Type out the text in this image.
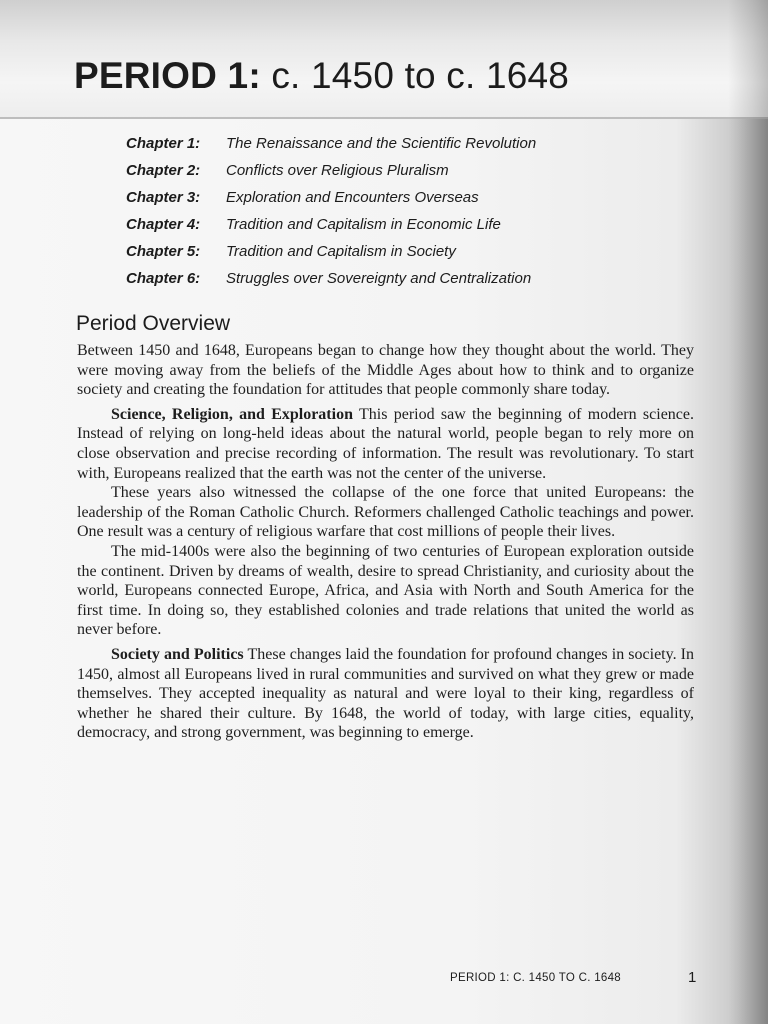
PERIOD 1: c. 1450 to c. 1648
Chapter 1: The Renaissance and the Scientific Revolution
Chapter 2: Conflicts over Religious Pluralism
Chapter 3: Exploration and Encounters Overseas
Chapter 4: Tradition and Capitalism in Economic Life
Chapter 5: Tradition and Capitalism in Society
Chapter 6: Struggles over Sovereignty and Centralization
Period Overview

Between 1450 and 1648, Europeans began to change how they thought about the world. They were moving away from the beliefs of the Middle Ages about how to think and to organize society and creating the foundation for attitudes that people commonly share today.

Science, Religion, and Exploration This period saw the beginning of modern science. Instead of relying on long-held ideas about the natural world, people began to rely more on close observation and precise recording of information. The result was revolutionary. To start with, Europeans realized that the earth was not the center of the universe.

These years also witnessed the collapse of the one force that united Europeans: the leadership of the Roman Catholic Church. Reformers challenged Catholic teachings and power. One result was a century of religious warfare that cost millions of people their lives.

The mid-1400s were also the beginning of two centuries of European exploration outside the continent. Driven by dreams of wealth, desire to spread Christianity, and curiosity about the world, Europeans connected Europe, Africa, and Asia with North and South America for the first time. In doing so, they established colonies and trade relations that united the world as never before.

Society and Politics These changes laid the foundation for profound changes in society. In 1450, almost all Europeans lived in rural communities and survived on what they grew or made themselves. They accepted inequality as natural and were loyal to their king, regardless of whether he shared their culture. By 1648, the world of today, with large cities, equality, democracy, and strong government, was beginning to emerge.

PERIOD 1: C. 1450 TO C. 1648	1
